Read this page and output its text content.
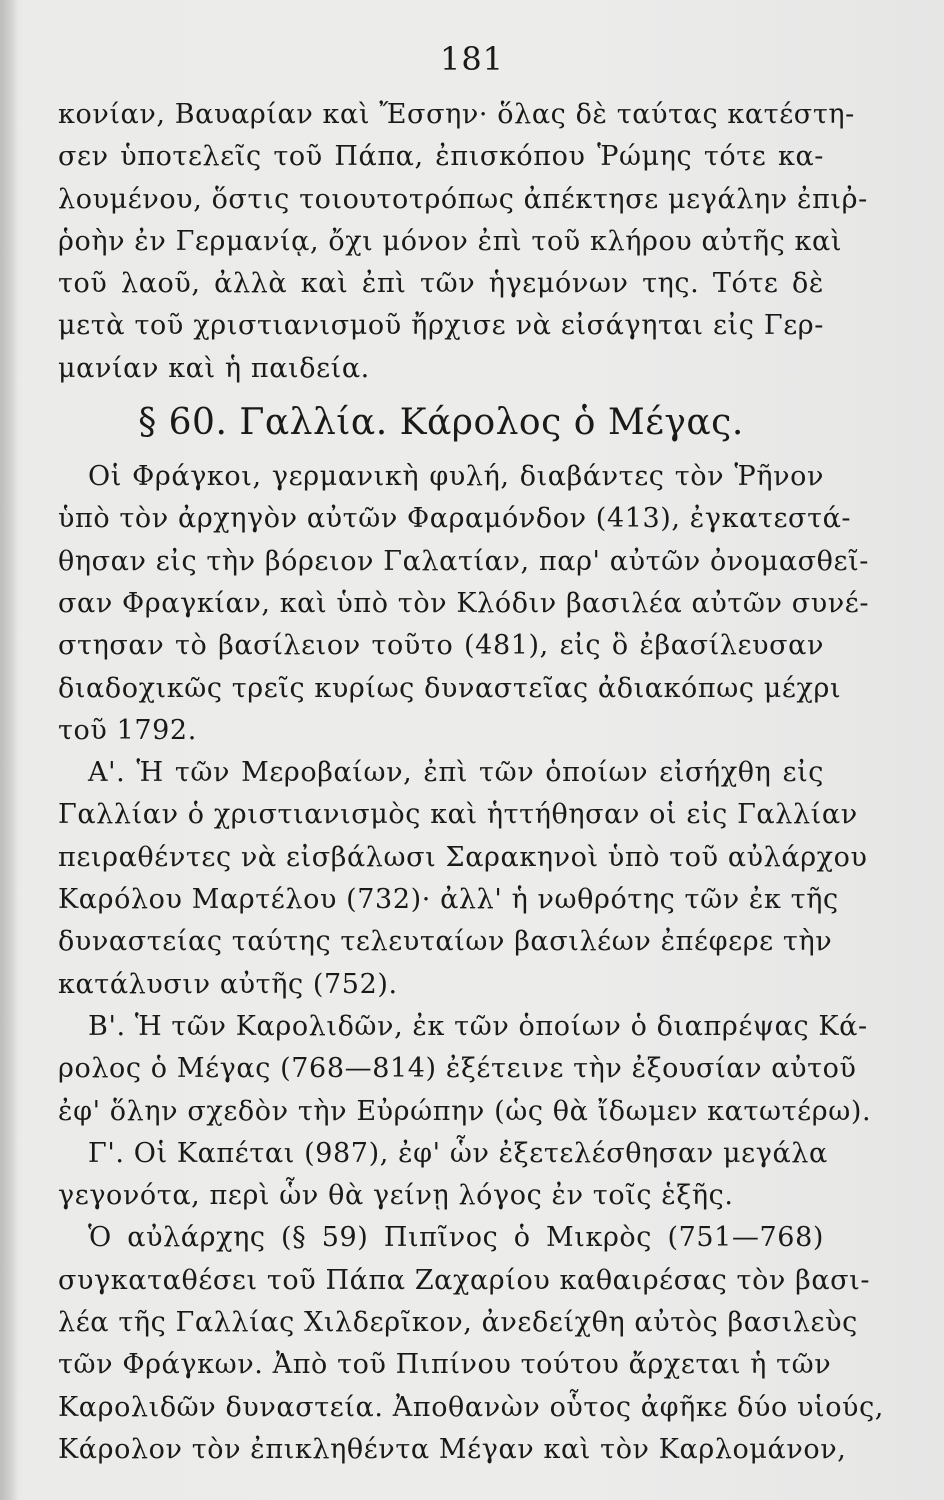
181
κονίαν, Βαυαρίαν καὶ Ἔσσην· ὅλας δὲ ταύτας κατέστη-
σεν ὑποτελεῖς τοῦ Πάπα, ἐπισκόπου Ῥώμης τότε κα-
λουμένου, ὅστις τοιουτοτρόπως ἀπέκτησε μεγάλην ἐπιῤ-
ῥοὴν ἐν Γερμανίᾳ, ὄχι μόνον ἐπὶ τοῦ κλήρου αὐτῆς καὶ
τοῦ λαοῦ, ἀλλὰ καὶ ἐπὶ τῶν ἡγεμόνων της. Τότε δὲ
μετὰ τοῦ χριστιανισμοῦ ἤρχισε νὰ εἰσάγηται εἰς Γερ-
μανίαν καὶ ἡ παιδεία.
§ 60. Γαλλία. Κάρολος ὁ Μέγας.
Οἱ Φράγκοι, γερμανικὴ φυλή, διαβάντες τὸν Ῥῆνον
ὑπὸ τὸν ἀρχηγὸν αὐτῶν Φαραμόνδον (413), ἐγκατεστά-
θησαν εἰς τὴν βόρειον Γαλατίαν, παρ' αὐτῶν ὀνομασθεῖ-
σαν Φραγκίαν, καὶ ὑπὸ τὸν Κλόδιν βασιλέα αὐτῶν συνέ-
στησαν τὸ βασίλειον τοῦτο (481), εἰς ὃ ἐβασίλευσαν
διαδοχικῶς τρεῖς κυρίως δυναστεῖας ἀδιακόπως μέχρι
τοῦ 1792.
Α'. Ἡ τῶν Μεροβαίων, ἐπὶ τῶν ὁποίων εἰσήχθη εἰς
Γαλλίαν ὁ χριστιανισμὸς καὶ ἡττήθησαν οἱ εἰς Γαλλίαν
πειραθέντες νὰ εἰσβάλωσι Σαρακηνοὶ ὑπὸ τοῦ αὐλάρχου
Καρόλου Μαρτέλου (732)· ἀλλ' ἡ νωθρότης τῶν ἐκ τῆς
δυναστείας ταύτης τελευταίων βασιλέων ἐπέφερε τὴν
κατάλυσιν αὐτῆς (752).
Β'. Ἡ τῶν Καρολιδῶν, ἐκ τῶν ὁποίων ὁ διαπρέψας Κά-
ρολος ὁ Μέγας (768—814) ἐξέτεινε τὴν ἐξουσίαν αὐτοῦ
ἐφ' ὅλην σχεδὸν τὴν Εὐρώπην (ὡς θὰ ἴδωμεν κατωτέρω).
Γ'. Οἱ Καπέται (987), ἐφ' ὧν ἐξετελέσθησαν μεγάλα
γεγονότα, περὶ ὧν θὰ γείνῃ λόγος ἐν τοῖς ἑξῆς.
Ὁ αὐλάρχης (§ 59) Πιπῖνος ὁ Μικρὸς (751—768)
συγκαταθέσει τοῦ Πάπα Ζαχαρίου καθαιρέσας τὸν βασι-
λέα τῆς Γαλλίας Χιλδερῖκον, ἀνεδείχθη αὐτὸς βασιλεὺς
τῶν Φράγκων. Ἀπὸ τοῦ Πιπίνου τούτου ἄρχεται ἡ τῶν
Καρολιδῶν δυναστεία. Ἀποθανὼν οὗτος ἀφῆκε δύο υἱούς,
Κάρολον τὸν ἐπικληθέντα Μέγαν καὶ τὸν Καρλομάνον,
